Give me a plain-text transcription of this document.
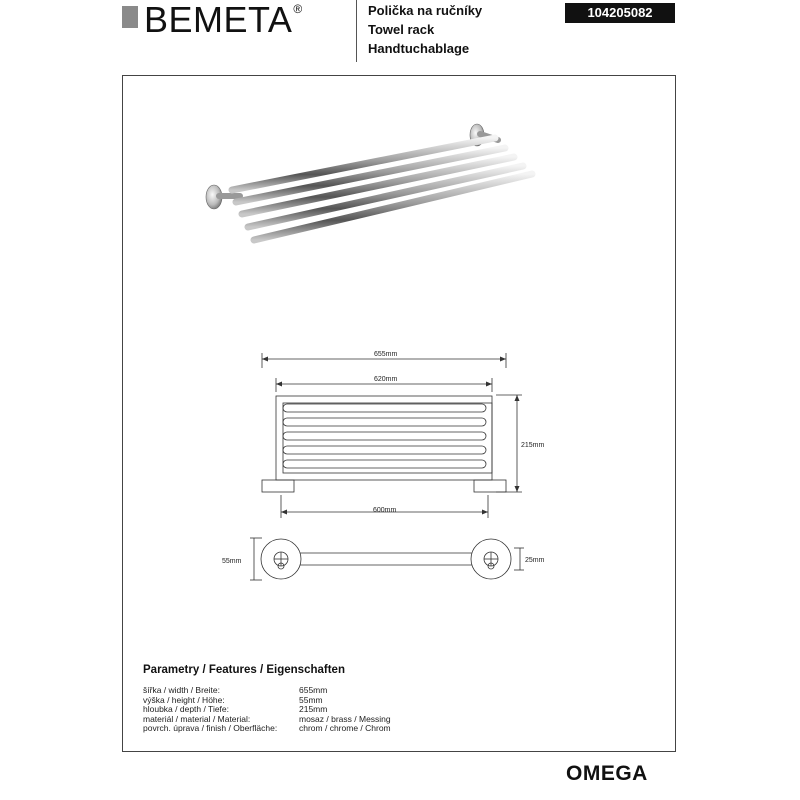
BEMETA ®	Polička na ručníky
Towel rack
Handtuchablage
104205082
655mm
620mm
215mm
600mm
55mm	25mm
Parametry / Features / Eigenschaften
šířka / width / Breite:	655mm
výška / height / Höhe:	55mm
hloubka / depth / Tiefe:	215mm
materiál / material / Material:	mosaz / brass / Messing
povrch. úprava / finish / Oberfläche:	chrom / chrome / Chrom
OMEGA
